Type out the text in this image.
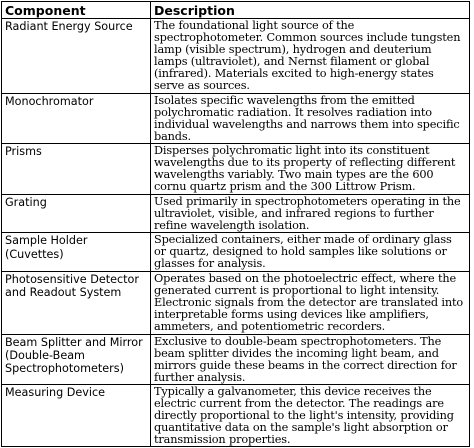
Component	Description
Radiant Energy Source	The foundational light source of the spectrophotometer. Common sources include tungsten lamp (visible spectrum), hydrogen and deuterium lamps (ultraviolet), and Nernst filament or global (infrared). Materials excited to high-energy states serve as sources.
Monochromator	Isolates specific wavelengths from the emitted polychromatic radiation. It resolves radiation into individual wavelengths and narrows them into specific bands.
Prisms	Disperses polychromatic light into its constituent wavelengths due to its property of reflecting different wavelengths variably. Two main types are the 600 cornu quartz prism and the 300 Littrow Prism.
Grating	Used primarily in spectrophotometers operating in the ultraviolet, visible, and infrared regions to further refine wavelength isolation.
Sample Holder (Cuvettes)	Specialized containers, either made of ordinary glass or quartz, designed to hold samples like solutions or glasses for analysis.
Photosensitive Detector and Readout System	Operates based on the photoelectric effect, where the generated current is proportional to light intensity. Electronic signals from the detector are translated into interpretable forms using devices like amplifiers, ammeters, and potentiometric recorders.
Beam Splitter and Mirror (Double-Beam Spectrophotometers)	Exclusive to double-beam spectrophotometers. The beam splitter divides the incoming light beam, and mirrors guide these beams in the correct direction for further analysis.
Measuring Device	Typically a galvanometer, this device receives the electric current from the detector. The readings are directly proportional to the light's intensity, providing quantitative data on the sample's light absorption or transmission properties.
